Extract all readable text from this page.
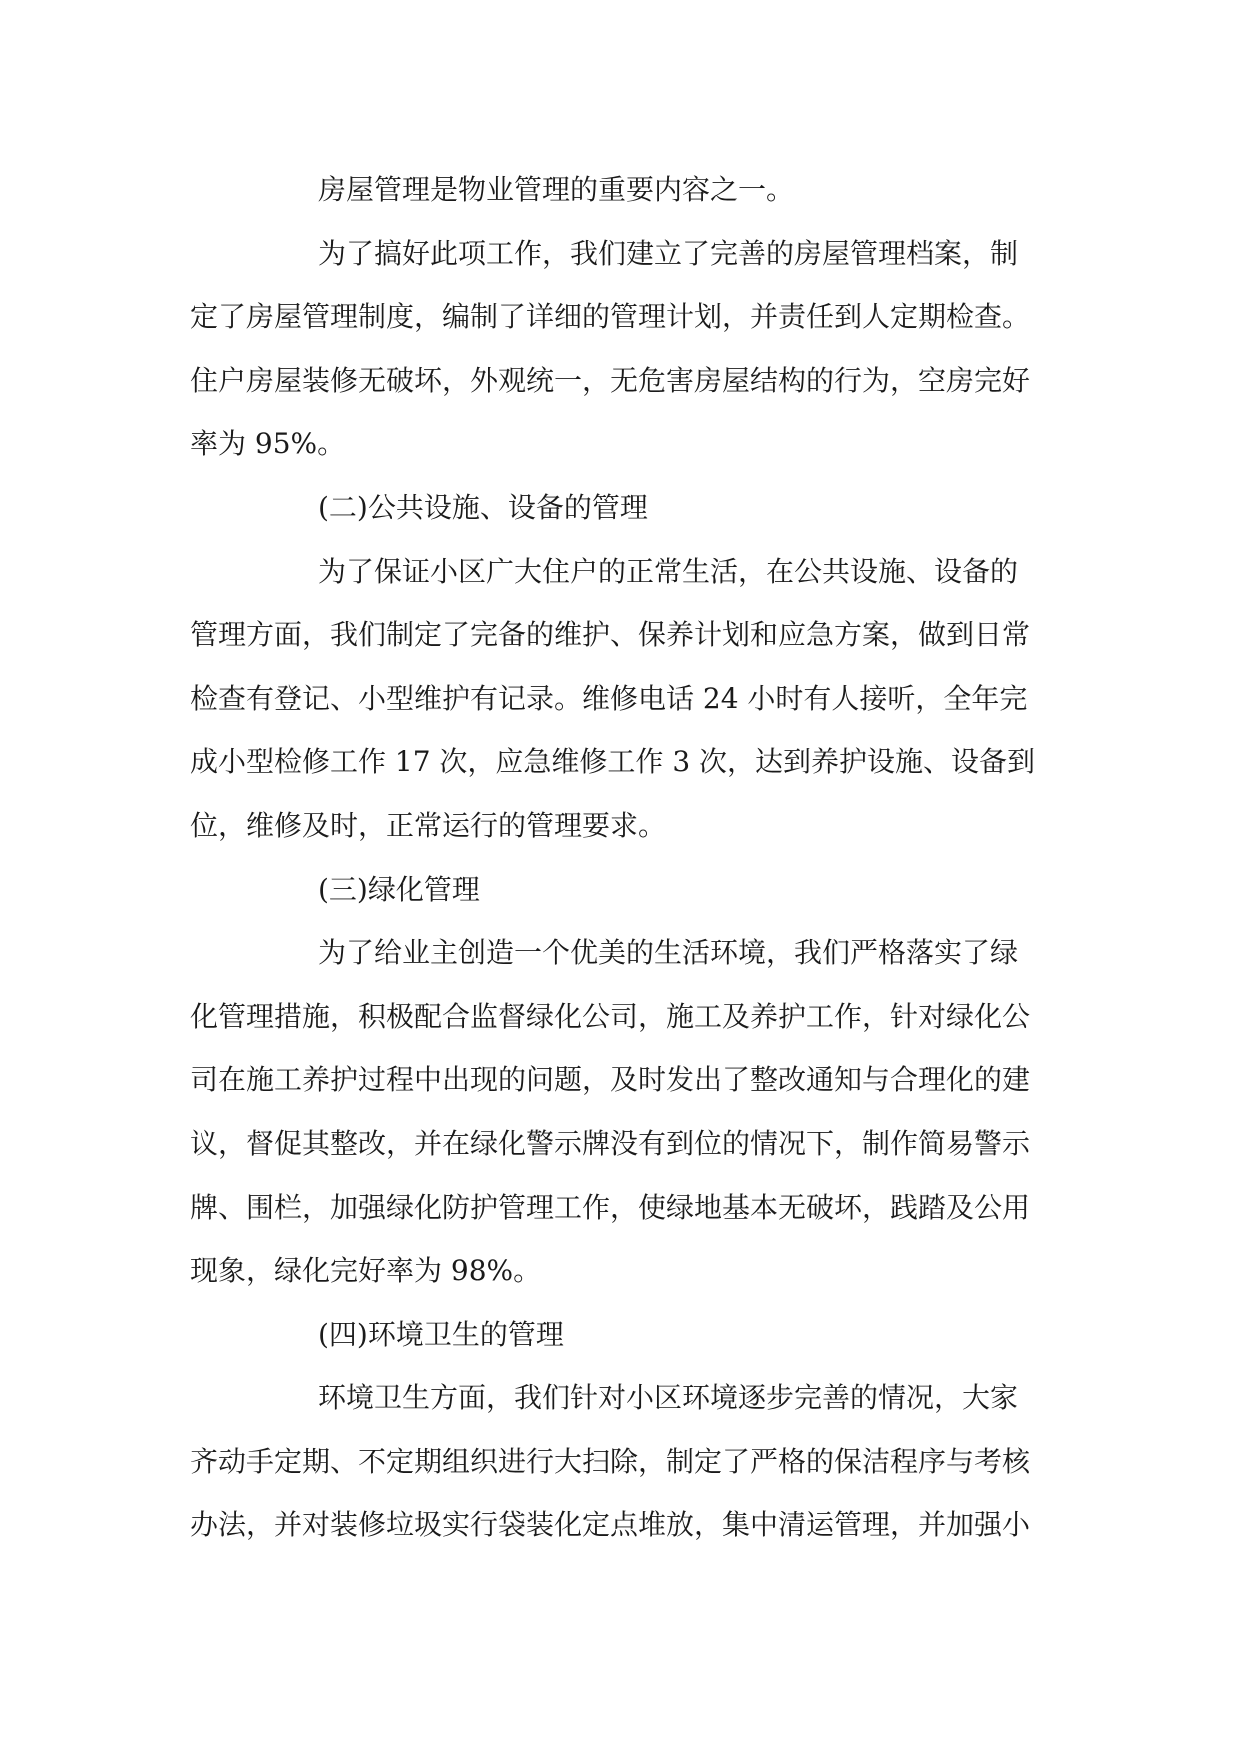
房屋管理是物业管理的重要内容之一。
为了搞好此项工作，我们建立了完善的房屋管理档案，制
定了房屋管理制度，编制了详细的管理计划，并责任到人定期检查。
住户房屋装修无破坏，外观统一，无危害房屋结构的行为，空房完好
率为 95%。
(二)公共设施、设备的管理
为了保证小区广大住户的正常生活，在公共设施、设备的
管理方面，我们制定了完备的维护、保养计划和应急方案，做到日常
检查有登记、小型维护有记录。维修电话 24 小时有人接听，全年完
成小型检修工作 17 次，应急维修工作 3 次，达到养护设施、设备到
位，维修及时，正常运行的管理要求。
(三)绿化管理
为了给业主创造一个优美的生活环境，我们严格落实了绿
化管理措施，积极配合监督绿化公司，施工及养护工作，针对绿化公
司在施工养护过程中出现的问题，及时发出了整改通知与合理化的建
议，督促其整改，并在绿化警示牌没有到位的情况下，制作简易警示
牌、围栏，加强绿化防护管理工作，使绿地基本无破坏，践踏及公用
现象，绿化完好率为 98%。
(四)环境卫生的管理
环境卫生方面，我们针对小区环境逐步完善的情况，大家
齐动手定期、不定期组织进行大扫除，制定了严格的保洁程序与考核
办法，并对装修垃圾实行袋装化定点堆放，集中清运管理，并加强小
